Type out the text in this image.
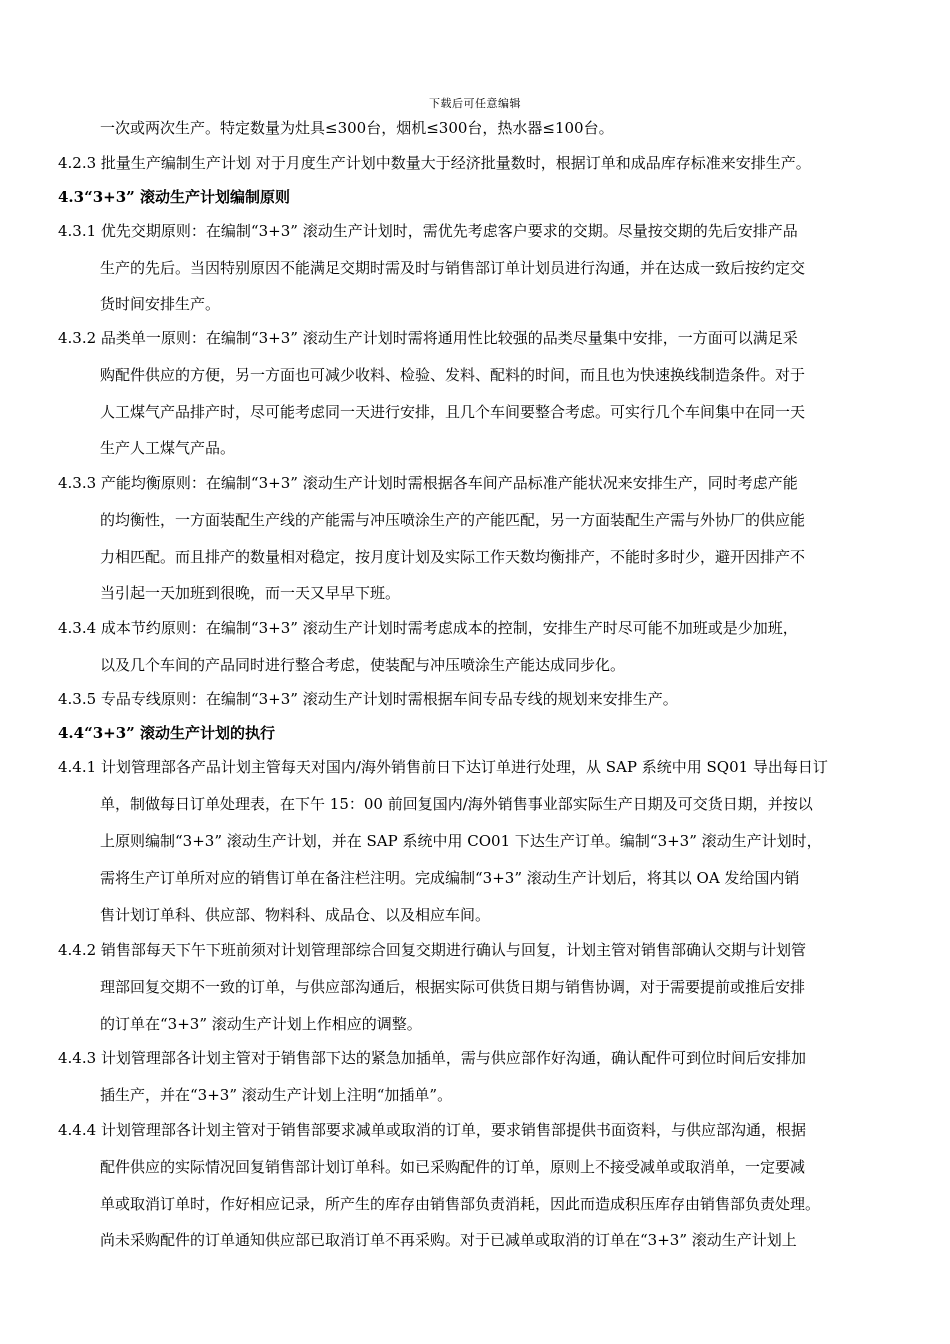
下载后可任意编辑
一次或两次生产。特定数量为灶具≤300台，烟机≤300台，热水器≤100台。
4.2.3 批量生产编制生产计划 对于月度生产计划中数量大于经济批量数时，根据订单和成品库存标准来安排生产。
4.3“3+3” 滚动生产计划编制原则
4.3.1 优先交期原则：在编制“3+3” 滚动生产计划时，需优先考虑客户要求的交期。尽量按交期的先后安排产品
生产的先后。当因特别原因不能满足交期时需及时与销售部订单计划员进行沟通，并在达成一致后按约定交
货时间安排生产。
4.3.2 品类单一原则：在编制“3+3” 滚动生产计划时需将通用性比较强的品类尽量集中安排，一方面可以满足采
购配件供应的方便，另一方面也可减少收料、检验、发料、配料的时间，而且也为快速换线制造条件。对于
人工煤气产品排产时，尽可能考虑同一天进行安排，且几个车间要整合考虑。可实行几个车间集中在同一天
生产人工煤气产品。
4.3.3 产能均衡原则：在编制“3+3” 滚动生产计划时需根据各车间产品标准产能状况来安排生产，同时考虑产能
的均衡性，一方面装配生产线的产能需与冲压喷涂生产的产能匹配，另一方面装配生产需与外协厂的供应能
力相匹配。而且排产的数量相对稳定，按月度计划及实际工作天数均衡排产，不能时多时少，避开因排产不
当引起一天加班到很晚，而一天又早早下班。
4.3.4 成本节约原则：在编制“3+3” 滚动生产计划时需考虑成本的控制，安排生产时尽可能不加班或是少加班，
以及几个车间的产品同时进行整合考虑，使装配与冲压喷涂生产能达成同步化。
4.3.5 专品专线原则：在编制“3+3” 滚动生产计划时需根据车间专品专线的规划来安排生产。
4.4“3+3” 滚动生产计划的执行
4.4.1 计划管理部各产品计划主管每天对国内/海外销售前日下达订单进行处理，从 SAP 系统中用 SQ01 导出每日订
单，制做每日订单处理表，在下午 15：00 前回复国内/海外销售事业部实际生产日期及可交货日期，并按以
上原则编制“3+3” 滚动生产计划，并在 SAP 系统中用 CO01 下达生产订单。编制“3+3” 滚动生产计划时，
需将生产订单所对应的销售订单在备注栏注明。完成编制“3+3” 滚动生产计划后，将其以 OA 发给国内销
售计划订单科、供应部、物料科、成品仓、以及相应车间。
4.4.2 销售部每天下午下班前须对计划管理部综合回复交期进行确认与回复，计划主管对销售部确认交期与计划管
理部回复交期不一致的订单，与供应部沟通后，根据实际可供货日期与销售协调，对于需要提前或推后安排
的订单在“3+3” 滚动生产计划上作相应的调整。
4.4.3 计划管理部各计划主管对于销售部下达的紧急加插单，需与供应部作好沟通，确认配件可到位时间后安排加
插生产，并在“3+3” 滚动生产计划上注明“加插单”。
4.4.4 计划管理部各计划主管对于销售部要求减单或取消的订单，要求销售部提供书面资料，与供应部沟通，根据
配件供应的实际情况回复销售部计划订单科。如已采购配件的订单，原则上不接受减单或取消单，一定要减
单或取消订单时，作好相应记录，所产生的库存由销售部负责消耗，因此而造成积压库存由销售部负责处理。
尚未采购配件的订单通知供应部已取消订单不再采购。对于已减单或取消的订单在“3+3” 滚动生产计划上
